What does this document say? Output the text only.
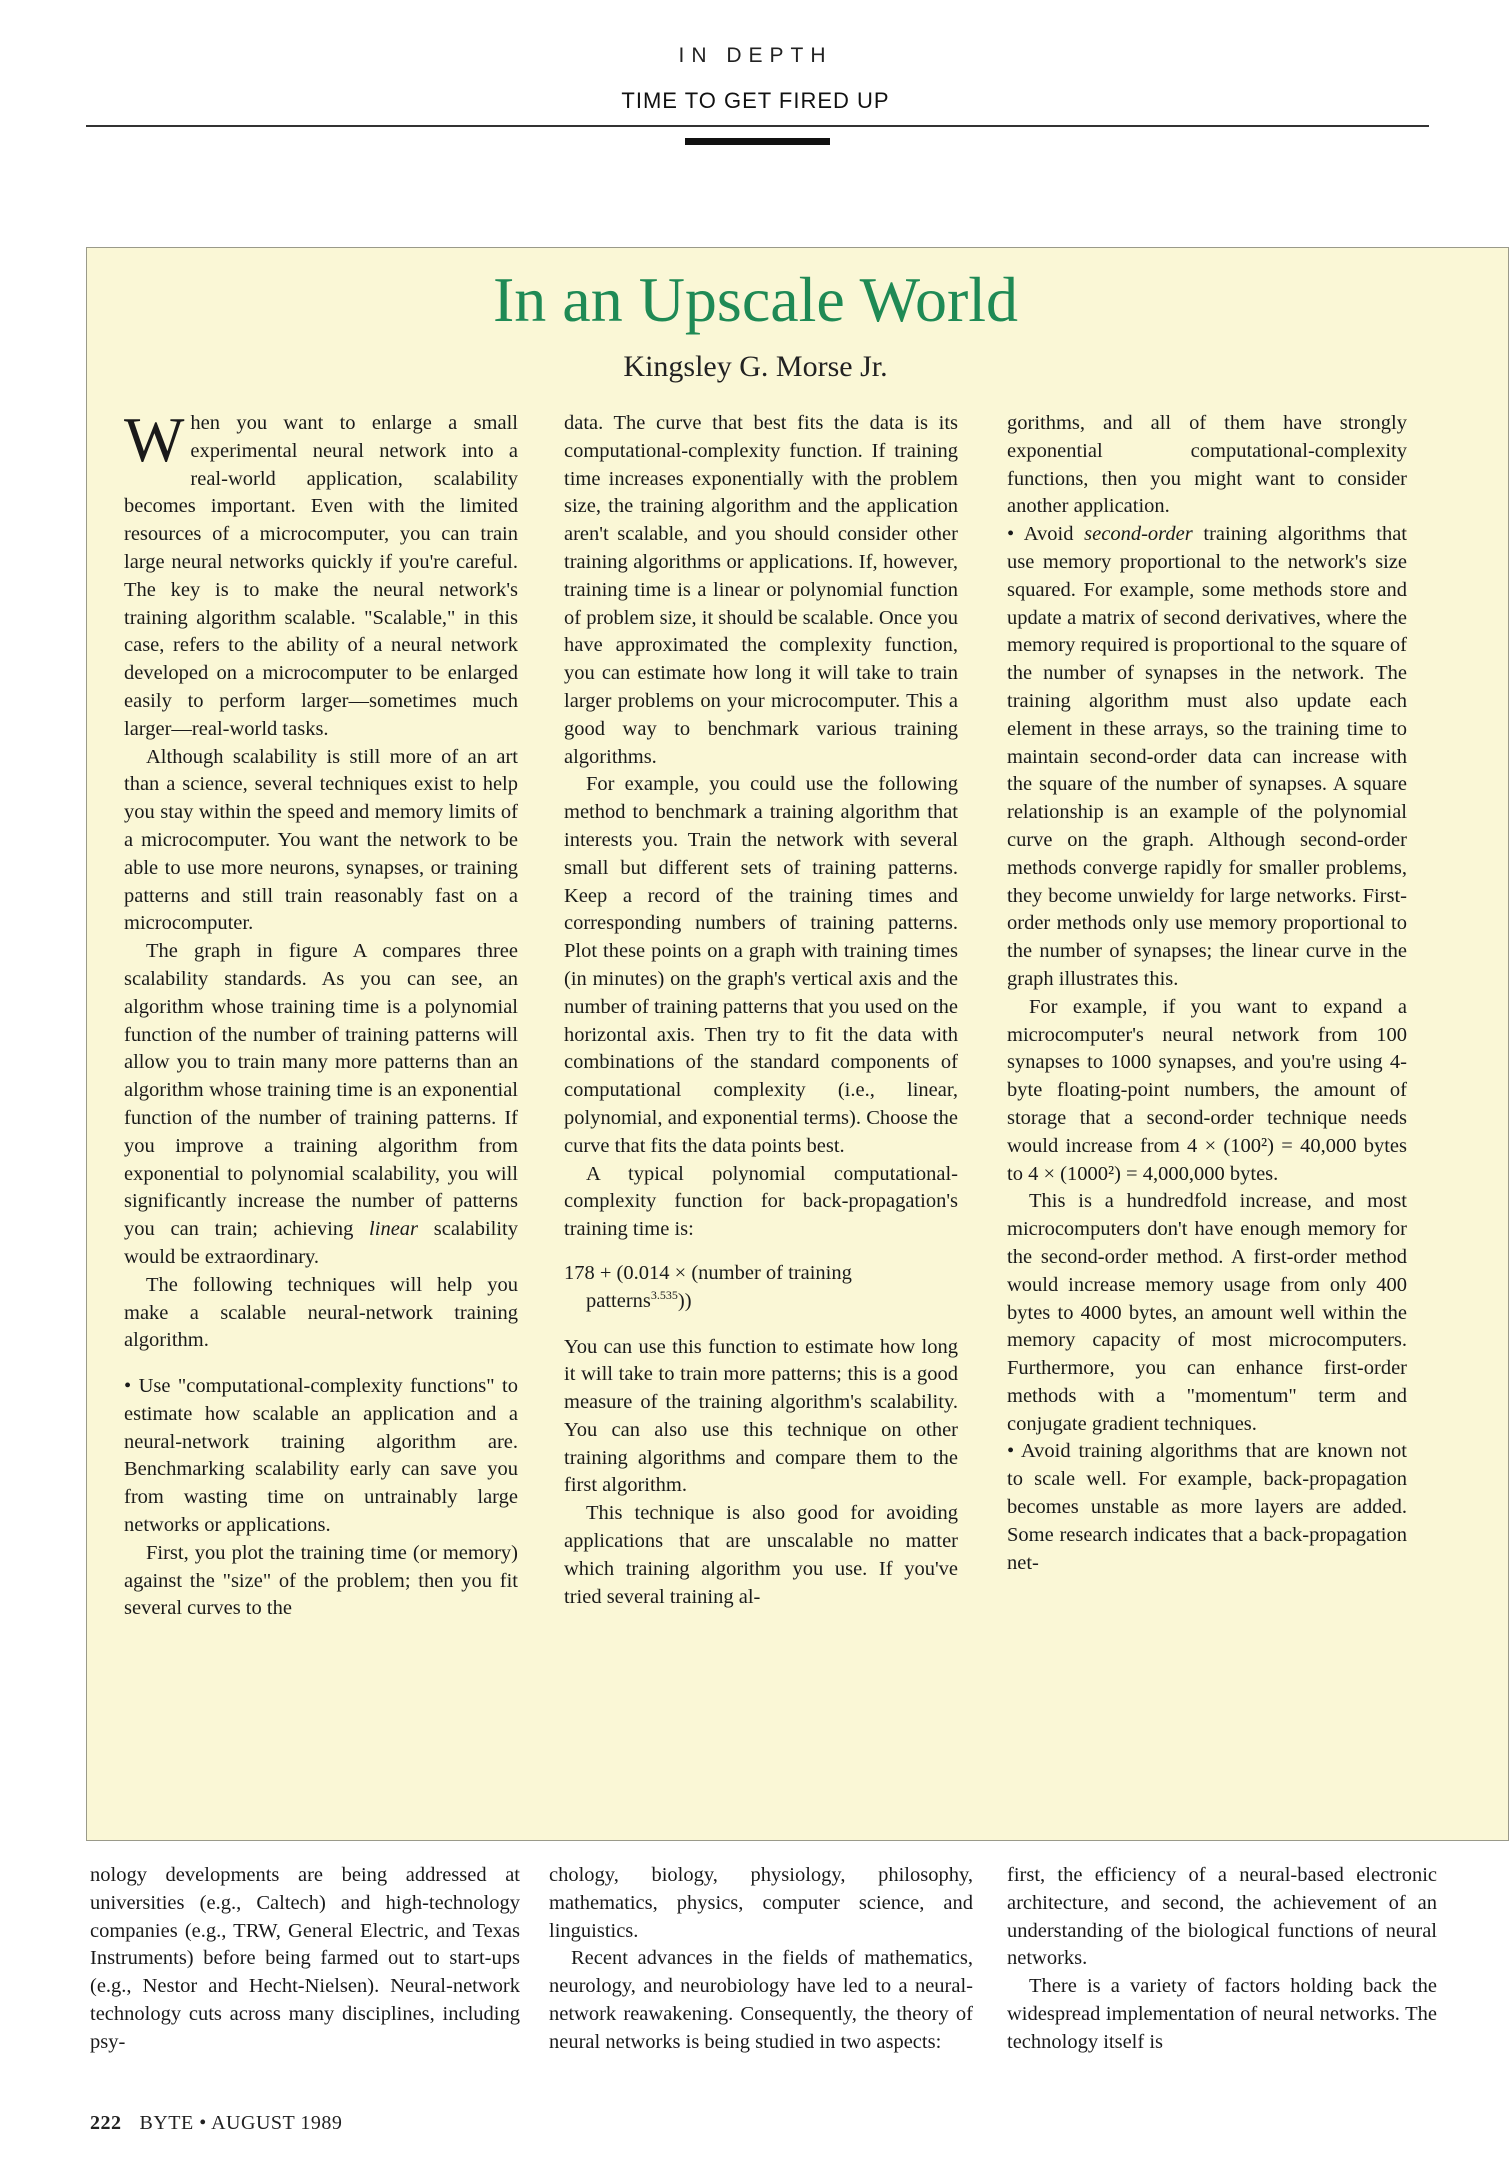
IN DEPTH
TIME TO GET FIRED UP
In an Upscale World
Kingsley G. Morse Jr.

When you want to enlarge a small experimental neural network into a real-world application, scalability becomes important. Even with the limited resources of a microcomputer, you can train large neural networks quickly if you're careful. The key is to make the neural network's training algorithm scalable. "Scalable," in this case, refers to the ability of a neural network developed on a microcomputer to be enlarged easily to perform larger—sometimes much larger—real-world tasks.

Although scalability is still more of an art than a science, several techniques exist to help you stay within the speed and memory limits of a microcomputer. You want the network to be able to use more neurons, synapses, or training patterns and still train reasonably fast on a microcomputer.

The graph in figure A compares three scalability standards. As you can see, an algorithm whose training time is a polynomial function of the number of training patterns will allow you to train many more patterns than an algorithm whose training time is an exponential function of the number of training patterns. If you improve a training algorithm from exponential to polynomial scalability, you will significantly increase the number of patterns you can train; achieving linear scalability would be extraordinary.

The following techniques will help you make a scalable neural-network training algorithm.

• Use "computational-complexity functions" to estimate how scalable an application and a neural-network training algorithm are. Benchmarking scalability early can save you from wasting time on untrainably large networks or applications.

First, you plot the training time (or memory) against the "size" of the problem; then you fit several curves to the

data. The curve that best fits the data is its computational-complexity function. If training time increases exponentially with the problem size, the training algorithm and the application aren't scalable, and you should consider other training algorithms or applications. If, however, training time is a linear or polynomial function of problem size, it should be scalable. Once you have approximated the complexity function, you can estimate how long it will take to train larger problems on your microcomputer. This a good way to benchmark various training algorithms.

For example, you could use the following method to benchmark a training algorithm that interests you. Train the network with several small but different sets of training patterns. Keep a record of the training times and corresponding numbers of training patterns. Plot these points on a graph with training times (in minutes) on the graph's vertical axis and the number of training patterns that you used on the horizontal axis. Then try to fit the data with combinations of the standard components of computational complexity (i.e., linear, polynomial, and exponential terms). Choose the curve that fits the data points best.

A typical polynomial computational-complexity function for back-propagation's training time is:

178 + (0.014 × (number of training
patterns$^{3.535}$))

You can use this function to estimate how long it will take to train more patterns; this is a good measure of the training algorithm's scalability. You can also use this technique on other training algorithms and compare them to the first algorithm.

This technique is also good for avoiding applications that are unscalable no matter which training algorithm you use. If you've tried several training al-

gorithms, and all of them have strongly exponential computational-complexity functions, then you might want to consider another application.

• Avoid second-order training algorithms that use memory proportional to the network's size squared. For example, some methods store and update a matrix of second derivatives, where the memory required is proportional to the square of the number of synapses in the network. The training algorithm must also update each element in these arrays, so the training time to maintain second-order data can increase with the square of the number of synapses. A square relationship is an example of the polynomial curve on the graph. Although second-order methods converge rapidly for smaller problems, they become unwieldy for large networks. First-order methods only use memory proportional to the number of synapses; the linear curve in the graph illustrates this.

For example, if you want to expand a microcomputer's neural network from 100 synapses to 1000 synapses, and you're using 4-byte floating-point numbers, the amount of storage that a second-order technique needs would increase from 4 × (100²) = 40,000 bytes to 4 × (1000²) = 4,000,000 bytes.

This is a hundredfold increase, and most microcomputers don't have enough memory for the second-order method. A first-order method would increase memory usage from only 400 bytes to 4000 bytes, an amount well within the memory capacity of most microcomputers. Furthermore, you can enhance first-order methods with a "momentum" term and conjugate gradient techniques.

• Avoid training algorithms that are known not to scale well. For example, back-propagation becomes unstable as more layers are added. Some research indicates that a back-propagation net-

nology developments are being addressed at universities (e.g., Caltech) and high-technology companies (e.g., TRW, General Electric, and Texas Instruments) before being farmed out to start-ups (e.g., Nestor and Hecht-Nielsen). Neural-network technology cuts across many disciplines, including psy-

chology, biology, physiology, philosophy, mathematics, physics, computer science, and linguistics.

Recent advances in the fields of mathematics, neurology, and neurobiology have led to a neural-network reawakening. Consequently, the theory of neural networks is being studied in two aspects:

first, the efficiency of a neural-based electronic architecture, and second, the achievement of an understanding of the biological functions of neural networks.

There is a variety of factors holding back the widespread implementation of neural networks. The technology itself is

222 BYTE • AUGUST 1989
